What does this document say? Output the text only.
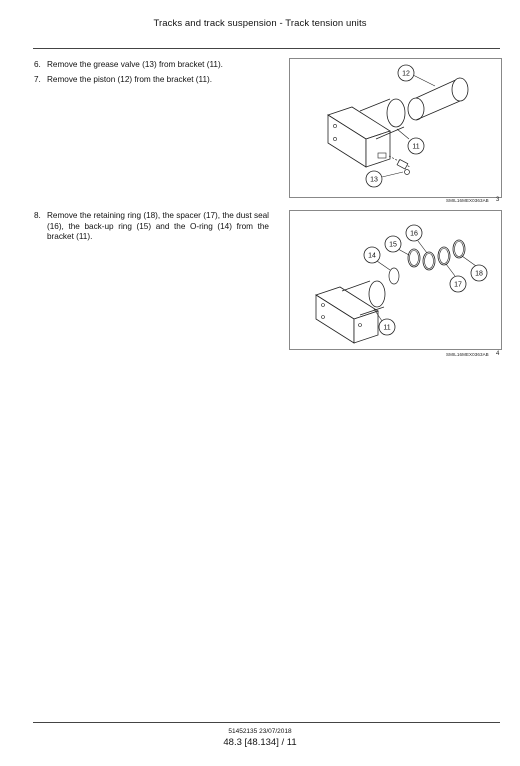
Tracks and track suspension - Track tension units
6. Remove the grease valve (13) from bracket (11).
7. Remove the piston (12) from the bracket (11).
8. Remove the retaining ring (18), the spacer (17), the dust seal (16), the back-up ring (15) and the O-ring (14) from the bracket (11).
12
11
13
SMIL16MEX0363AB 3
16
15
14
18
17
11
SMIL16MEX0363AB 4
51452135 23/07/2018
48.3 [48.134] / 11
